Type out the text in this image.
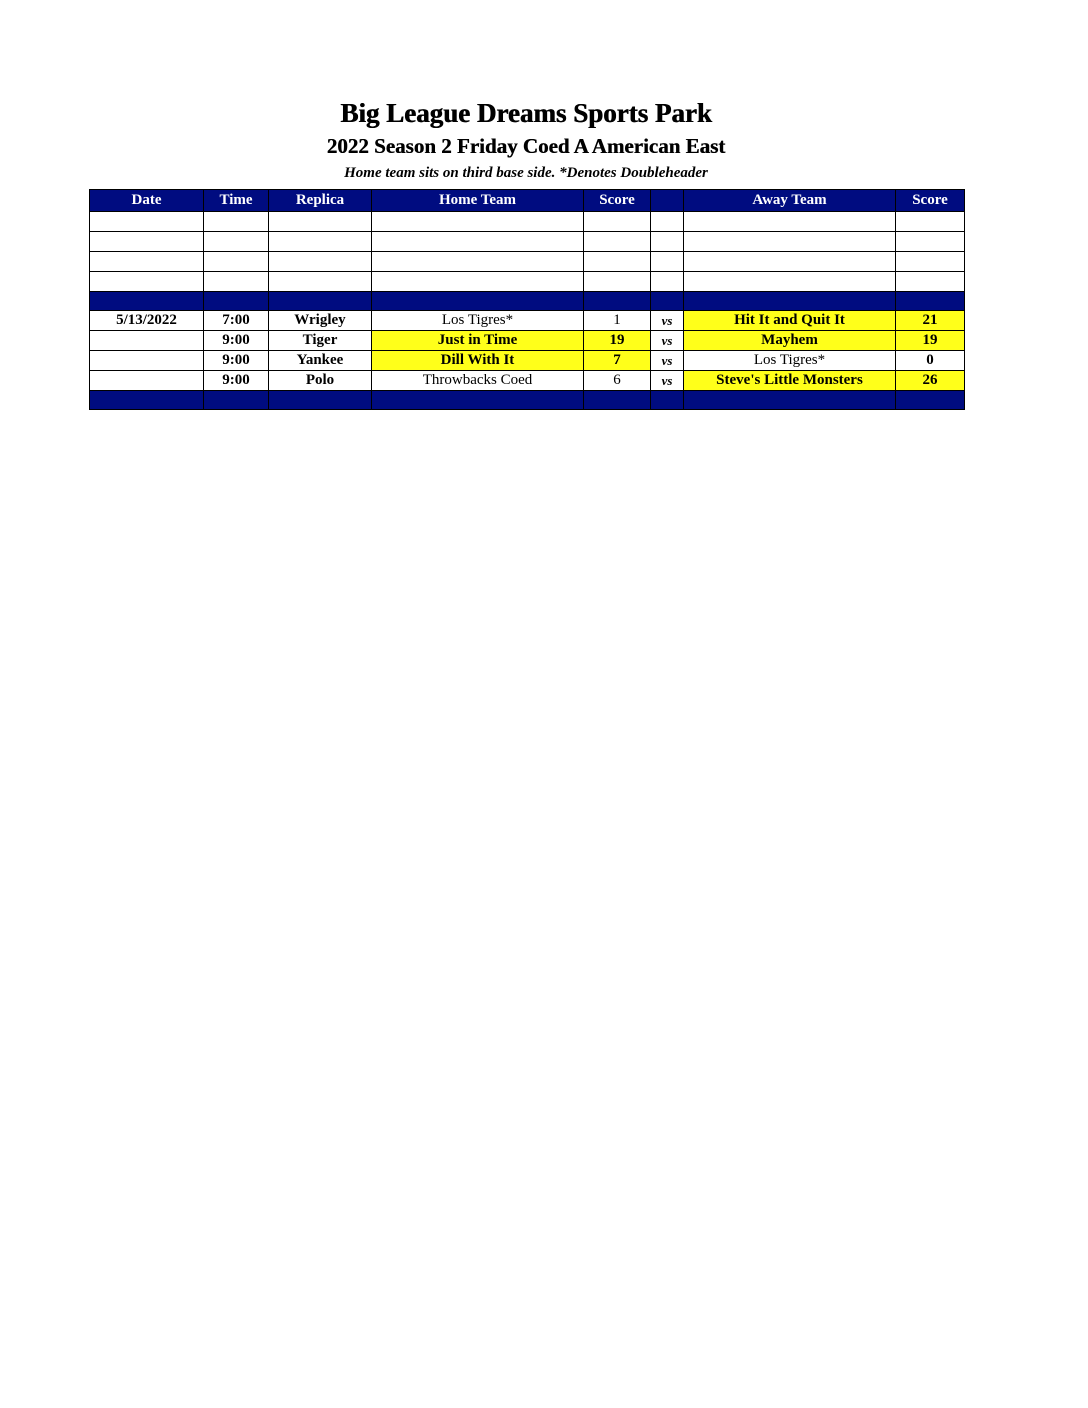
Big League Dreams Sports Park
2022 Season 2 Friday Coed A American East
Home team sits on third base side. *Denotes Doubleheader
Date	Time	Replica	Home Team	Score		Away Team	Score

5/13/2022	7:00	Wrigley	Los Tigres*	1	vs	Hit It and Quit It	21
	9:00	Tiger	Just in Time	19	vs	Mayhem	19
	9:00	Yankee	Dill With It	7	vs	Los Tigres*	0
	9:00	Polo	Throwbacks Coed	6	vs	Steve's Little Monsters	26
